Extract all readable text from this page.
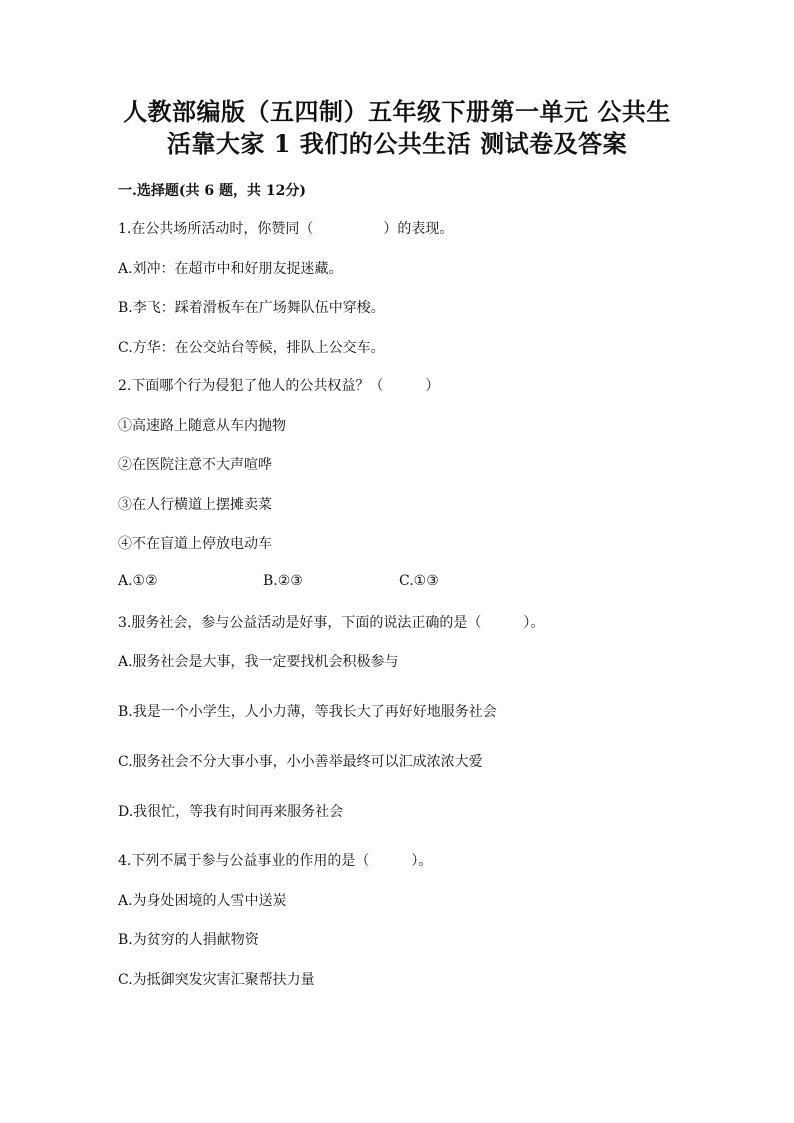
人教部编版（五四制）五年级下册第一单元 公共生
活靠大家 1 我们的公共生活 测试卷及答案
一.选择题(共 6 题，共 12分)
1.在公共场所活动时，你赞同（　　　　　）的表现。
A.刘冲：在超市中和好朋友捉迷藏。
B.李飞：踩着滑板车在广场舞队伍中穿梭。
C.方华：在公交站台等候，排队上公交车。
2.下面哪个行为侵犯了他人的公共权益？（　　　）
①高速路上随意从车内抛物
②在医院注意不大声喧哗
③在人行横道上摆摊卖菜
④不在盲道上停放电动车
A.①②	B.②③	C.①③
3.服务社会，参与公益活动是好事，下面的说法正确的是（　　　）。
A.服务社会是大事，我一定要找机会积极参与
B.我是一个小学生，人小力薄，等我长大了再好好地服务社会
C.服务社会不分大事小事，小小善举最终可以汇成浓浓大爱
D.我很忙，等我有时间再来服务社会
4.下列不属于参与公益事业的作用的是（　　　）。
A.为身处困境的人雪中送炭
B.为贫穷的人捐献物资
C.为抵御突发灾害汇聚帮扶力量
